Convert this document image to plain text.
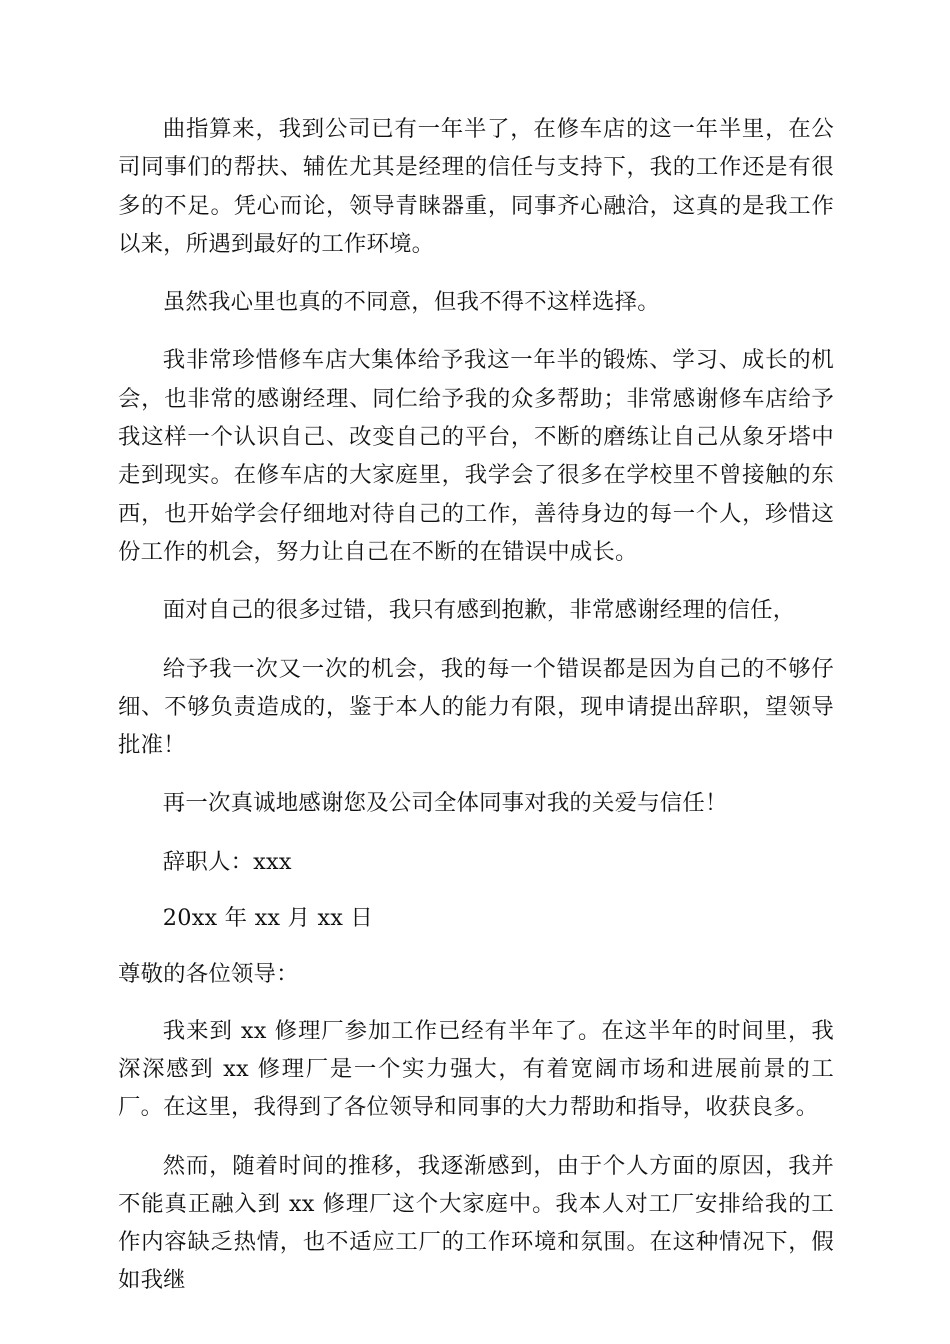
曲指算来，我到公司已有一年半了，在修车店的这一年半里，在公司同事们的帮扶、辅佐尤其是经理的信任与支持下，我的工作还是有很多的不足。凭心而论，领导青睐器重，同事齐心融洽，这真的是我工作以来，所遇到最好的工作环境。

虽然我心里也真的不同意，但我不得不这样选择。

我非常珍惜修车店大集体给予我这一年半的锻炼、学习、成长的机会，也非常的感谢经理、同仁给予我的众多帮助；非常感谢修车店给予我这样一个认识自己、改变自己的平台，不断的磨练让自己从象牙塔中走到现实。在修车店的大家庭里，我学会了很多在学校里不曾接触的东西，也开始学会仔细地对待自己的工作，善待身边的每一个人，珍惜这份工作的机会，努力让自己在不断的在错误中成长。

面对自己的很多过错，我只有感到抱歉，非常感谢经理的信任，

给予我一次又一次的机会，我的每一个错误都是因为自己的不够仔细、不够负责造成的，鉴于本人的能力有限，现申请提出辞职，望领导批准！

再一次真诚地感谢您及公司全体同事对我的关爱与信任！

辞职人：xxx

20xx 年 xx 月 xx 日

尊敬的各位领导：

我来到 xx 修理厂参加工作已经有半年了。在这半年的时间里，我深深感到 xx 修理厂是一个实力强大，有着宽阔市场和进展前景的工厂。在这里，我得到了各位领导和同事的大力帮助和指导，收获良多。

然而，随着时间的推移，我逐渐感到，由于个人方面的原因，我并不能真正融入到 xx 修理厂这个大家庭中。我本人对工厂安排给我的工作内容缺乏热情，也不适应工厂的工作环境和氛围。在这种情况下，假如我继
